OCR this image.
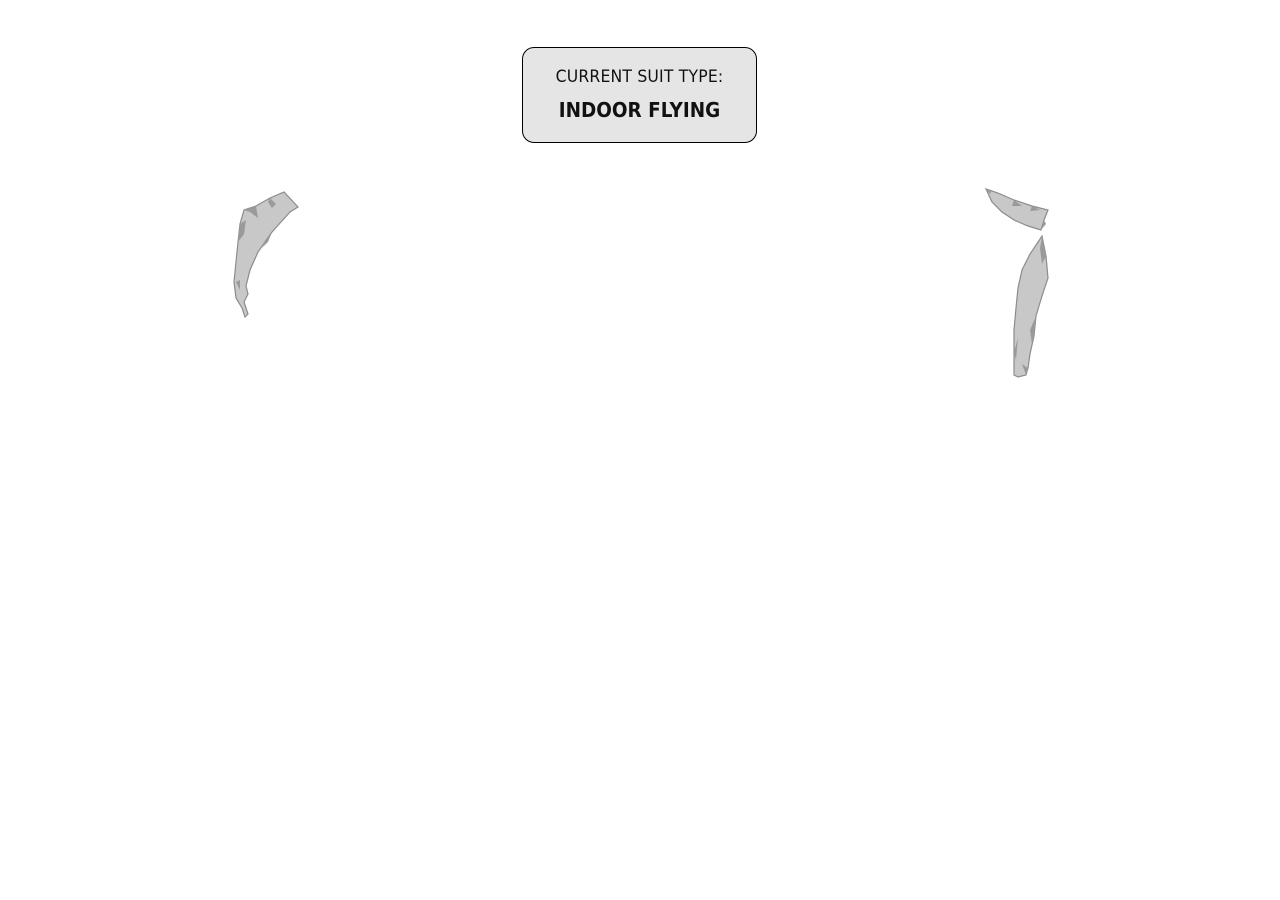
CURRENT SUIT TYPE:
INDOOR FLYING
